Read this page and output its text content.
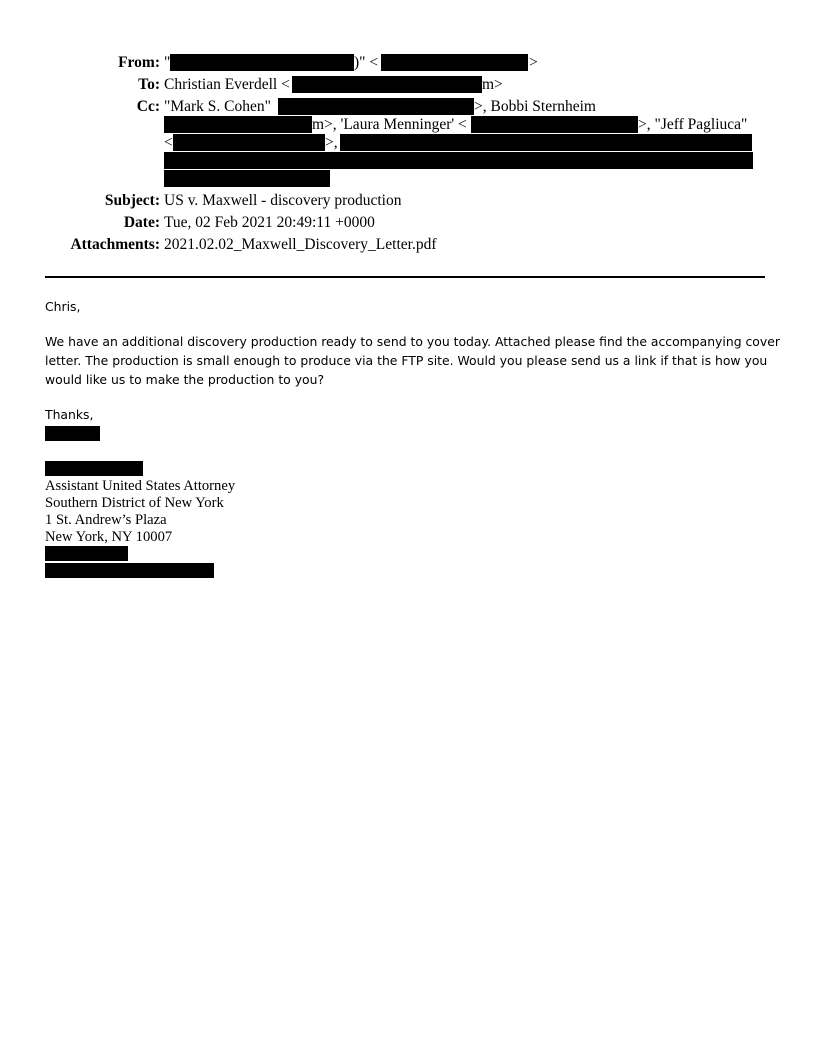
From: "	)" <	>
To: Christian Everdell <	m>
Cc: "Mark S. Cohen"	>, Bobbi Sternheim
m>, 'Laura Menninger' <	>, "Jeff Pagliuca"
<	>,
Subject: US v. Maxwell - discovery production
Date: Tue, 02 Feb 2021 20:49:11 +0000
Attachments: 2021.02.02_Maxwell_Discovery_Letter.pdf
Chris,
We have an additional discovery production ready to send to you today. Attached please find the accompanying cover
letter. The production is small enough to produce via the FTP site. Would you please send us a link if that is how you
would like us to make the production to you?
Thanks,
Assistant United States Attorney
Southern District of New York
1 St. Andrew’s Plaza
New York, NY 10007
